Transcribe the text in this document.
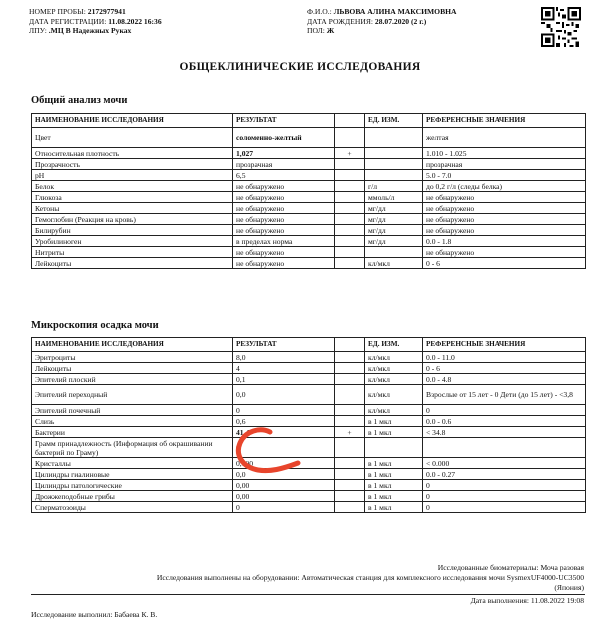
НОМЕР ПРОБЫ: 2172977941	Ф.И.О.: ЛЬВОВА АЛИНА МАКСИМОВНА
ДАТА РЕГИСТРАЦИИ: 11.08.2022 16:36	ДАТА РОЖДЕНИЯ: 28.07.2020 (2 г.)
ЛПУ: .МЦ В Надежных Руках	ПОЛ: Ж
ОБЩЕКЛИНИЧЕСКИЕ ИССЛЕДОВАНИЯ
Общий анализ мочи
НАИМЕНОВАНИЕ ИССЛЕДОВАНИЯ	РЕЗУЛЬТАТ		ЕД. ИЗМ.	РЕФЕРЕНСНЫЕ ЗНАЧЕНИЯ
Цвет	соломенно-желтый			желтая
Относительная плотность	1,027	+		1.010 - 1.025
Прозрачность	прозрачная			прозрачная
pH	6,5			5.0 - 7.0
Белок	не обнаружено		г/л	до 0,2 г/л (следы белка)
Глюкоза	не обнаружено		ммоль/л	не обнаружено
Кетоны	не обнаружено		мг/дл	не обнаружено
Гемоглобин (Реакция на кровь)	не обнаружено		мг/дл	не обнаружено
Билирубин	не обнаружено		мг/дл	не обнаружено
Уробилиноген	в пределах норма		мг/дл	0.0 - 1.8
Нитриты	не обнаружено			не обнаружено
Лейкоциты	не обнаружено		кл/мкл	0 - 6
Микроскопия осадка мочи
НАИМЕНОВАНИЕ ИССЛЕДОВАНИЯ	РЕЗУЛЬТАТ		ЕД. ИЗМ.	РЕФЕРЕНСНЫЕ ЗНАЧЕНИЯ
Эритроциты	8,0		кл/мкл	0.0 - 11.0
Лейкоциты	4		кл/мкл	0 - 6
Эпителий плоский	0,1		кл/мкл	0.0 - 4.8
Эпителий переходный	0,0		кл/мкл	Взрослые от 15 лет - 0 Дети (до 15 лет) - <3,8
Эпителий почечный	0		кл/мкл	0
Слизь	0,6		в 1 мкл	0.0 - 0.6
Бактерии	41,4	+	в 1 мкл	< 34.8
Грамм принадлежность (Информация об окрашивании бактерий по Граму)	0			
Кристаллы	0,000		в 1 мкл	< 0.000
Цилиндры гиалиновые	0,0		в 1 мкл	0.0 - 0.27
Цилиндры патологические	0,00		в 1 мкл	0
Дрожжеподобные грибы	0,00		в 1 мкл	0
Сперматозоиды	0		в 1 мкл	0
Исследованные биоматериалы: Моча разовая
Исследования выполнены на оборудовании: Автоматическая станция для комплексного исследования мочи SysmexUF4000-UC3500
(Япония)
Дата выполнения: 11.08.2022 19:08
Исследование выполнил: Бабаева К. В.
